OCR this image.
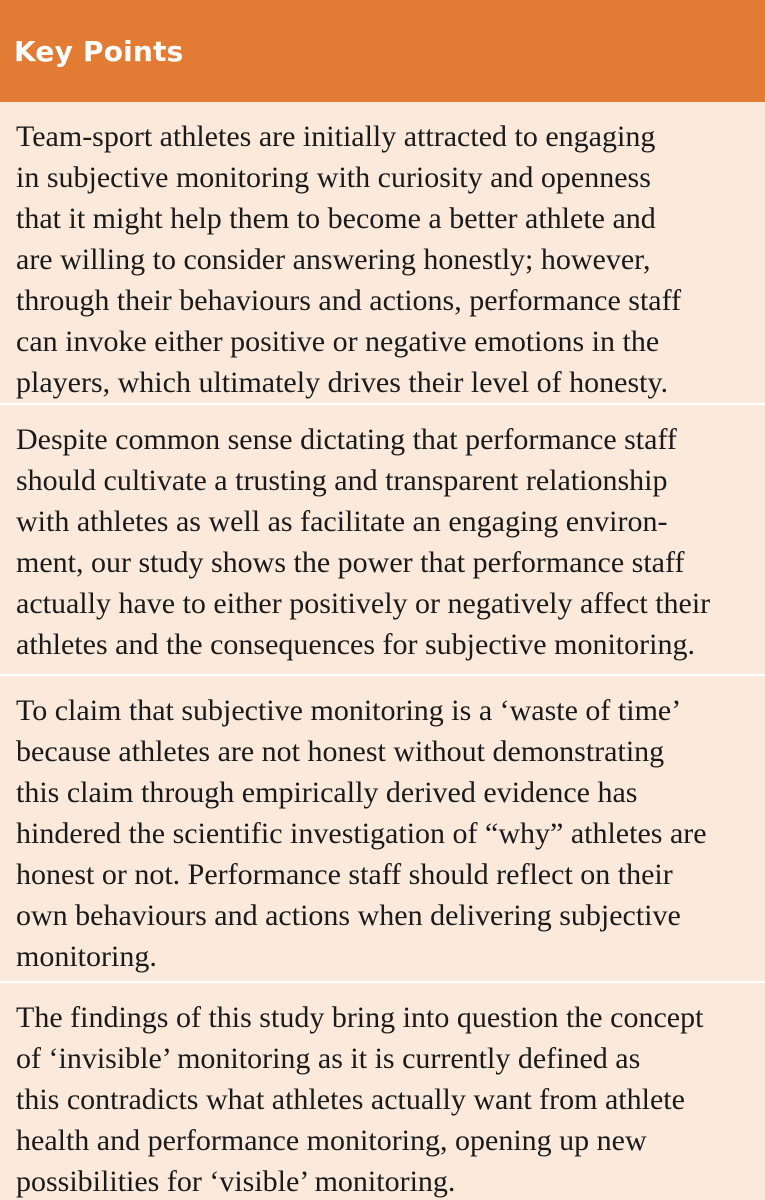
Key Points
Team-sport athletes are initially attracted to engaging
in subjective monitoring with curiosity and openness
that it might help them to become a better athlete and
are willing to consider answering honestly; however,
through their behaviours and actions, performance staff
can invoke either positive or negative emotions in the
players, which ultimately drives their level of honesty.
Despite common sense dictating that performance staff
should cultivate a trusting and transparent relationship
with athletes as well as facilitate an engaging environ-
ment, our study shows the power that performance staff
actually have to either positively or negatively affect their
athletes and the consequences for subjective monitoring.
To claim that subjective monitoring is a ‘waste of time’
because athletes are not honest without demonstrating
this claim through empirically derived evidence has
hindered the scientific investigation of “why” athletes are
honest or not. Performance staff should reflect on their
own behaviours and actions when delivering subjective
monitoring.
The findings of this study bring into question the concept
of ‘invisible’ monitoring as it is currently defined as
this contradicts what athletes actually want from athlete
health and performance monitoring, opening up new
possibilities for ‘visible’ monitoring.
